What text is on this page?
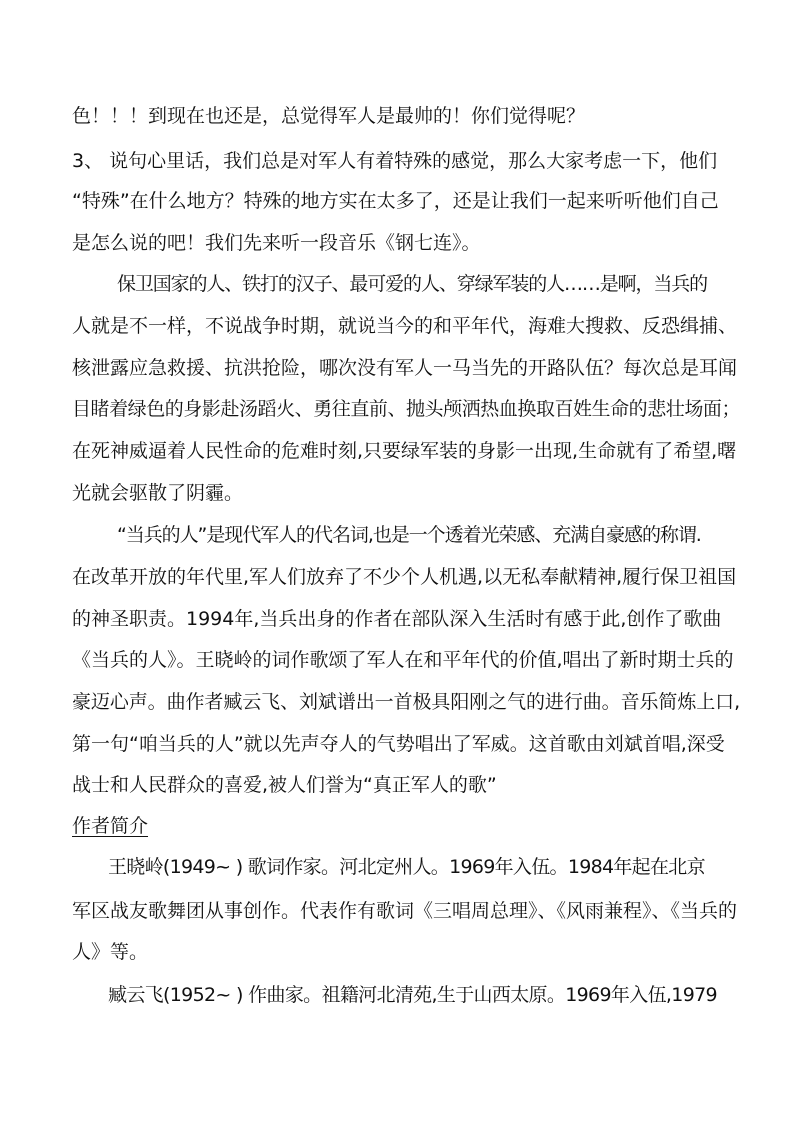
色！！！到现在也还是，总觉得军人是最帅的！你们觉得呢？
3、 说句心里话，我们总是对军人有着特殊的感觉，那么大家考虑一下，他们
“特殊”在什么地方？特殊的地方实在太多了，还是让我们一起来听听他们自己
是怎么说的吧！我们先来听一段音乐《钢七连》。
保卫国家的人、铁打的汉子、最可爱的人、穿绿军装的人……是啊，当兵的
人就是不一样，不说战争时期，就说当今的和平年代，海难大搜救、反恐缉捕、
核泄露应急救援、抗洪抢险，哪次没有军人一马当先的开路队伍？每次总是耳闻
目睹着绿色的身影赴汤蹈火、勇往直前、抛头颅洒热血换取百姓生命的悲壮场面；
在死神威逼着人民性命的危难时刻,只要绿军装的身影一出现,生命就有了希望,曙
光就会驱散了阴霾。
“当兵的人”是现代军人的代名词,也是一个透着光荣感、充满自豪感的称谓.
在改革开放的年代里,军人们放弃了不少个人机遇,以无私奉献精神,履行保卫祖国
的神圣职责。1994年,当兵出身的作者在部队深入生活时有感于此,创作了歌曲
《当兵的人》。王晓岭的词作歌颂了军人在和平年代的价值,唱出了新时期士兵的
豪迈心声。曲作者臧云飞、刘斌谱出一首极具阳刚之气的进行曲。音乐简炼上口,
第一句“咱当兵的人”就以先声夺人的气势唱出了军威。这首歌由刘斌首唱,深受
战士和人民群众的喜爱,被人们誉为“真正军人的歌”
作者简介
王晓岭(1949~ ) 歌词作家。河北定州人。1969年入伍。1984年起在北京
军区战友歌舞团从事创作。代表作有歌词《三唱周总理》、《风雨兼程》、《当兵的
人》等。
臧云飞(1952~ ) 作曲家。祖籍河北清苑,生于山西太原。1969年入伍,1979
